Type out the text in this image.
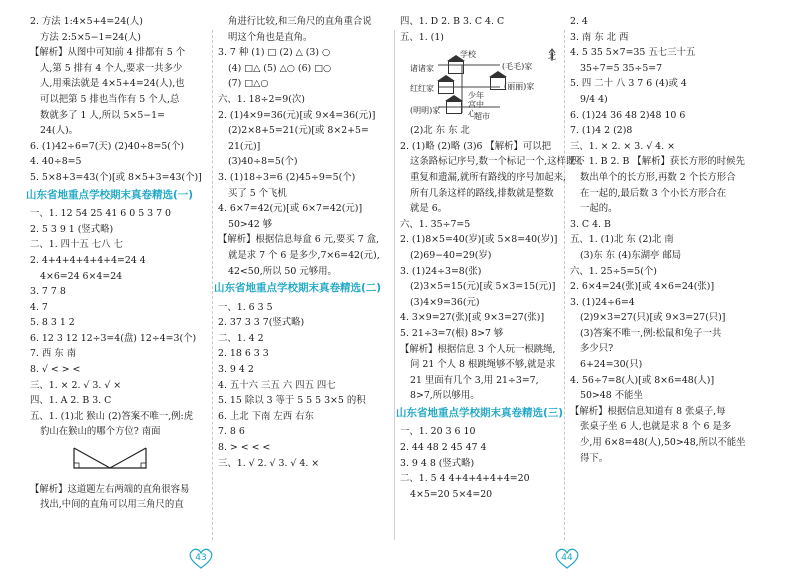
2. 方法 1:4×5+4=24(人)
方法 2:5×5−1=24(人)
【解析】从图中可知前 4 排都有 5 个
人,第 5 排有 4 个人,要求一共多少
人,用乘法就是 4×5+4=24(人),也
可以把第 5 排也当作有 5 个人,总
数就多了 1 人,所以 5×5−1=
24(人)。
6. (1)42÷6=7(天) (2)40÷8=5(个)
4. 40÷8=5
5. 5×8+3=43(个)[或 8×5+3=43(个)]
山东省地重点学校期末真卷精选(一)
一、1. 12 54 25 41 6 0 5 3 7 0
2. 5 3 9 1 (竖式略)
二、1. 四十五 七八 七
2. 4+4+4+4+4+4=24 4
4×6=24 6×4=24
3. 7 7 8
4. 7
5. 8 3 1 2
6. 12 3 12 12÷3=4(盘) 12÷4=3(个)
7. 西 东 南
8. √ < > <
三、1. × 2. √ 3. √ ×
四、1. A 2. B 3. C
五、1. (1)北 猴山 (2)答案不唯一,例:虎
豹山在猴山的哪个方位? 南面
【解析】这道题左右两端的直角很容易
找出,中间的直角可以用三角尺的直
角进行比较,和三角尺的直角重合说
明这个角也是直角。
3. 7 种 (1) □ (2) △ (3) ○
(4) □△ (5) △○ (6) □○
(7) □△○
六、1. 18÷2=9(次)
2. (1)4×9=36(元)[或 9×4=36(元)]
(2)2×8+5=21(元)[或 8×2+5=
21(元)]
(3)40÷8=5(个)
3. (1)18÷3=6 (2)45÷9=5(个)
买了 5 个飞机
4. 6×7=42(元)[或 6×7=42(元)]
50>42 够
【解析】根据信息每盒 6 元,要买 7 盒,
就是求 7 个 6 是多少,7×6=42(元),
42<50,所以 50 元够用。
山东省地重点学校期末真卷精选(二)
一、1. 6 3 5
2. 37 3 3 7(竖式略)
二、1. 4 2
2. 18 6 3 3
3. 9 4 2
4. 五十六 三五 六 四五 四七
5. 15 除以 3 等于 5 5 5 3×5 的积
6. 上北 下南 左西 右东
7. 8 6
8. > < < <
三、1. √ 2. √ 3. √ 4. ×
四、1. D 2. B 3. C 4. C
五、1. (1)
学校
诸诸家	(毛毛)家
北
红红家	(丽丽)家
(明明)家
少年宫中心
超市
(2)北 东 东 北
2. (1)略 (2)略 (3)6 【解析】可以把
这条路标记序号,数一个标记一个,这样既不
重复和遗漏,就所有路线的序号加起来,
所有几条这样的路线,排数就是整数
就是 6。
六、1. 35÷7=5
2. (1)8×5=40(岁)[或 5×8=40(岁)]
(2)69−40=29(岁)
3. (1)24÷3=8(张)
(2)3×5=15(元)[或 5×3=15(元)]
(3)4×9=36(元)
4. 3×9=27(张)[或 9×3=27(张)]
5. 21÷3=7(根) 8>7 够
【解析】根据信息 3 个人玩一根跳绳,
问 21 个人 8 根跳绳够不够,就是求
21 里面有几个 3,用 21÷3=7,
8>7,所以够用。
山东省地重点学校期末真卷精选(三)
一、1. 20 3 6 10
2. 44 48 2 45 47 4
3. 9 4 8 (竖式略)
二、1. 5 4 4+4+4+4+4=20
4×5=20 5×4=20
2. 4
3. 南 东 北 西
4. 5 35 5×7=35 五七三十五
35÷7=5 35÷5=7
5. 四 二十 八 3 7 6 (4)或 4
9/4 4)
6. (1)24 36 48 2)48 10 6
7. (1)4 2 (2)8
三、1. × 2. × 3. √ 4. ×
四、1. B 2. B 【解析】获长方形的时候先
数出单个的长方形,再数 2 个长方形合
在一起的,最后数 3 个小长方形合在
一起的。
3. C 4. B
五、1. (1)北 东 (2)北 南
(3)东 东 (4)东湖亭 邮局
六、1. 25÷5=5(个)
2. 6×4=24(张)[或 4×6=24(张)]
3. (1)24÷6=4
(2)9×3=27(只)[或 9×3=27(只)]
(3)答案不唯一,例:松鼠和兔子一共
多少只?
6+24=30(只)
4. 56÷7=8(人)[或 8×6=48(人)]
50>48 不能坐
【解析】根据信息知道有 8 张桌子,每
张桌子坐 6 人,也就是求 8 个 6 是多
少,用 6×8=48(人),50>48,所以不能坐
得下。
43	44
